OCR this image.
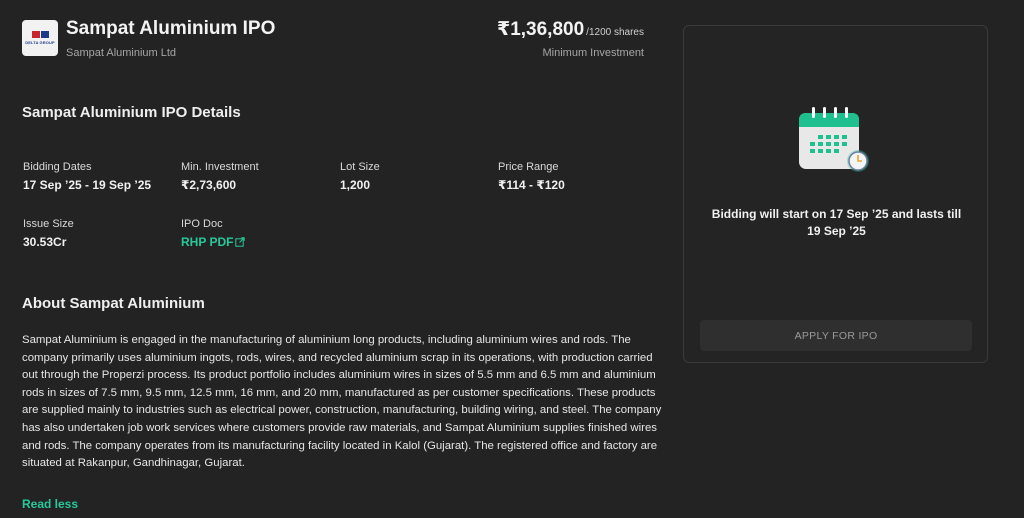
DELTA GROUP
Sampat Aluminium IPO
Sampat Aluminium Ltd
₹1,36,800 /1200 shares
Minimum Investment
Sampat Aluminium IPO Details
Bidding Dates
17 Sep ’25 - 19 Sep ’25
Min. Investment
₹2,73,600
Lot Size
1,200
Price Range
₹114 - ₹120
Issue Size
30.53Cr
IPO Doc
RHP PDF
About Sampat Aluminium
Sampat Aluminium is engaged in the manufacturing of aluminium long products, including aluminium wires and rods. The company primarily uses aluminium ingots, rods, wires, and recycled aluminium scrap in its operations, with production carried out through the Properzi process. Its product portfolio includes aluminium wires in sizes of 5.5 mm and 6.5 mm and aluminium rods in sizes of 7.5 mm, 9.5 mm, 12.5 mm, 16 mm, and 20 mm, manufactured as per customer specifications. These products are supplied mainly to industries such as electrical power, construction, manufacturing, building wiring, and steel. The company has also undertaken job work services where customers provide raw materials, and Sampat Aluminium supplies finished wires and rods. The company operates from its manufacturing facility located in Kalol (Gujarat). The registered office and factory are situated at Rakanpur, Gandhinagar, Gujarat.
Read less
Bidding will start on 17 Sep ’25 and lasts till 19 Sep ’25
APPLY FOR IPO
